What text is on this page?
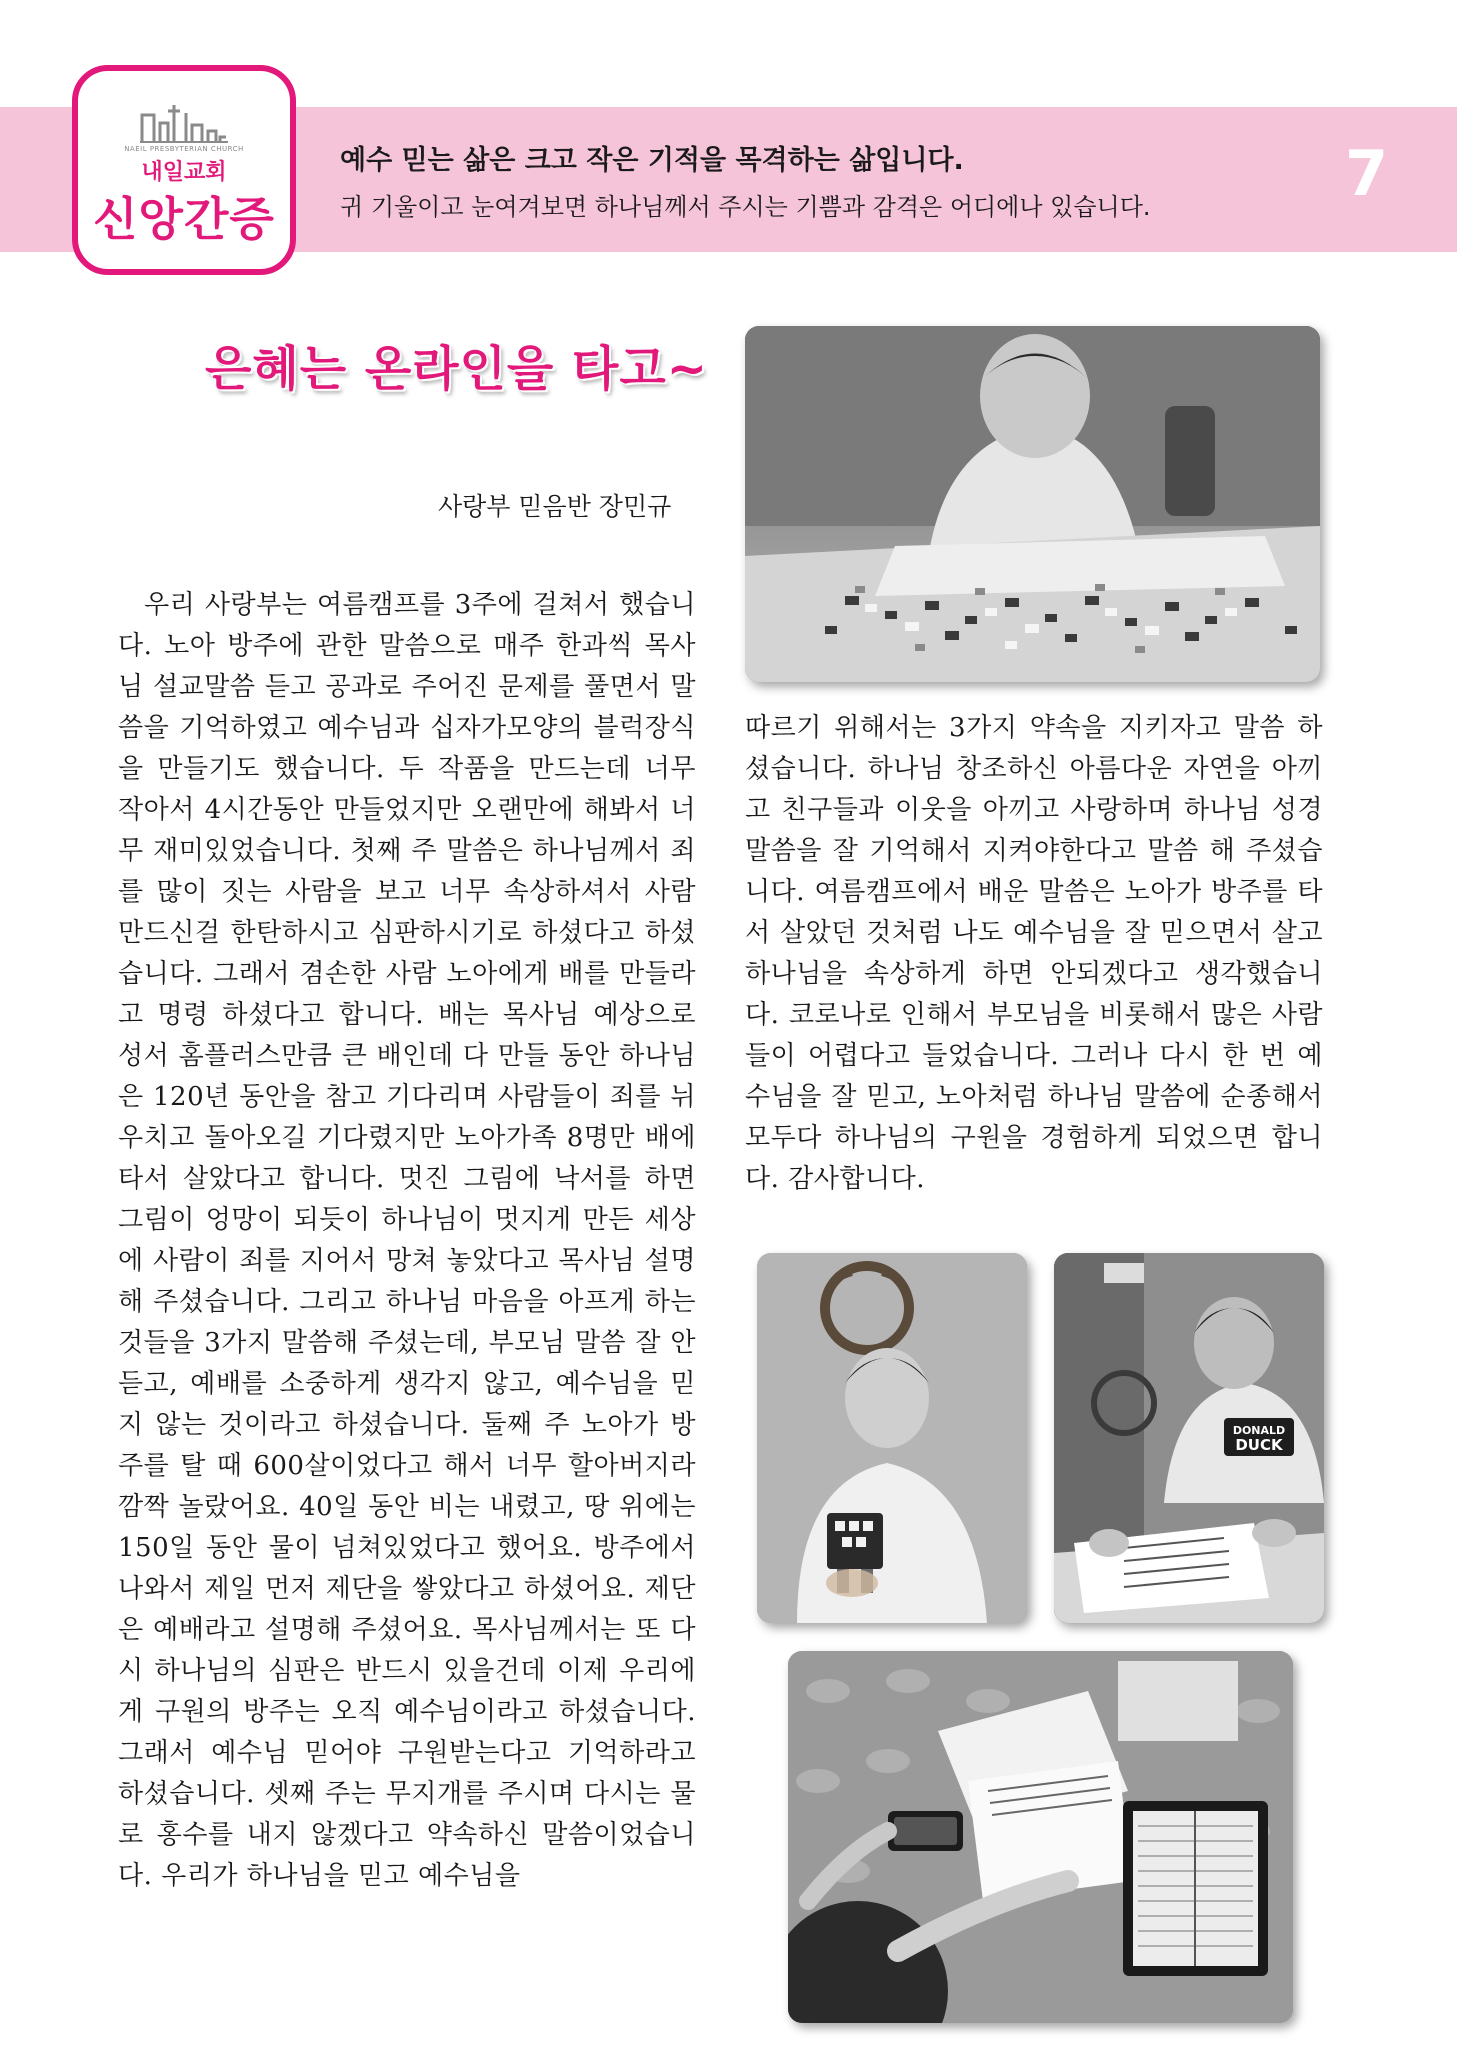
NAEIL PRESBYTERIAN CHURCH
내일교회
신앙간증
예수 믿는 삶은 크고 작은 기적을 목격하는 삶입니다.
귀 기울이고 눈여겨보면 하나님께서 주시는 기쁨과 감격은 어디에나 있습니다.	7
은혜는 온라인을 타고~
사랑부 믿음반 장민규

우리 사랑부는 여름캠프를 3주에 걸쳐서 했습니다. 노아 방주에 관한 말씀으로 매주 한과씩 목사님 설교말씀 듣고 공과로 주어진 문제를 풀면서 말씀을 기억하였고 예수님과 십자가모양의 블럭장식을 만들기도 했습니다. 두 작품을 만드는데 너무 작아서 4시간동안 만들었지만 오랜만에 해봐서 너무 재미있었습니다. 첫째 주 말씀은 하나님께서 죄를 많이 짓는 사람을 보고 너무 속상하셔서 사람 만드신걸 한탄하시고 심판하시기로 하셨다고 하셨습니다. 그래서 겸손한 사람 노아에게 배를 만들라고 명령 하셨다고 합니다. 배는 목사님 예상으로 성서 홈플러스만큼 큰 배인데 다 만들 동안 하나님은 120년 동안을 참고 기다리며 사람들이 죄를 뉘우치고 돌아오길 기다렸지만 노아가족 8명만 배에 타서 살았다고 합니다. 멋진 그림에 낙서를 하면 그림이 엉망이 되듯이 하나님이 멋지게 만든 세상에 사람이 죄를 지어서 망쳐 놓았다고 목사님 설명해 주셨습니다. 그리고 하나님 마음을 아프게 하는 것들을 3가지 말씀해 주셨는데, 부모님 말씀 잘 안 듣고, 예배를 소중하게 생각지 않고, 예수님을 믿지 않는 것이라고 하셨습니다. 둘째 주 노아가 방주를 탈 때 600살이었다고 해서 너무 할아버지라 깜짝 놀랐어요. 40일 동안 비는 내렸고, 땅 위에는 150일 동안 물이 넘쳐있었다고 했어요. 방주에서 나와서 제일 먼저 제단을 쌓았다고 하셨어요. 제단은 예배라고 설명해 주셨어요. 목사님께서는 또 다시 하나님의 심판은 반드시 있을건데 이제 우리에게 구원의 방주는 오직 예수님이라고 하셨습니다. 그래서 예수님 믿어야 구원받는다고 기억하라고 하셨습니다. 셋째 주는 무지개를 주시며 다시는 물로 홍수를 내지 않겠다고 약속하신 말씀이었습니다. 우리가 하나님을 믿고 예수님을

따르기 위해서는 3가지 약속을 지키자고 말씀 하셨습니다. 하나님 창조하신 아름다운 자연을 아끼고 친구들과 이웃을 아끼고 사랑하며 하나님 성경말씀을 잘 기억해서 지켜야한다고 말씀 해 주셨습니다. 여름캠프에서 배운 말씀은 노아가 방주를 타서 살았던 것처럼 나도 예수님을 잘 믿으면서 살고 하나님을 속상하게 하면 안되겠다고 생각했습니다. 코로나로 인해서 부모님을 비롯해서 많은 사람들이 어렵다고 들었습니다. 그러나 다시 한 번 예수님을 잘 믿고, 노아처럼 하나님 말씀에 순종해서 모두다 하나님의 구원을 경험하게 되었으면 합니다. 감사합니다.

DONALD
DUCK
